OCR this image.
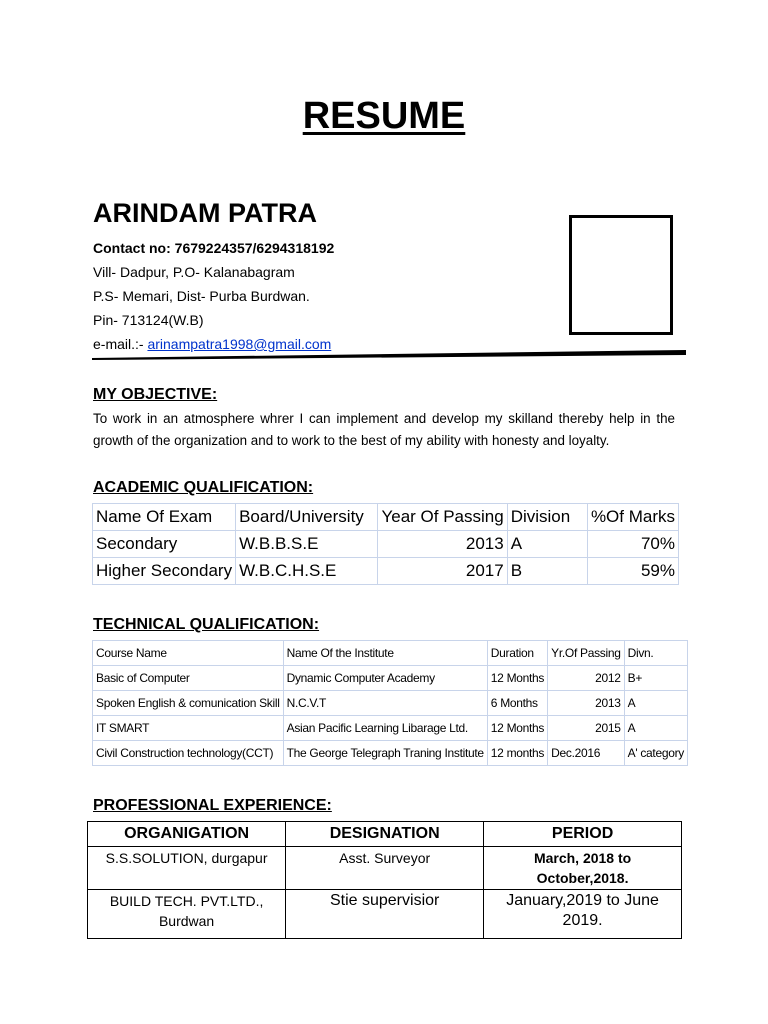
RESUME
ARINDAM PATRA
Contact no: 7679224357/6294318192
Vill- Dadpur, P.O- Kalanabagram
P.S- Memari, Dist- Purba Burdwan.
Pin- 713124(W.B)
e-mail.:- arinampatra1998@gmail.com
MY OBJECTIVE:
To work in an atmosphere whrer I can implement and develop my skilland thereby help in the growth of the organization and to work to the best of my ability with honesty and loyalty.
ACADEMIC QUALIFICATION:
Name Of Exam	Board/University	Year Of Passing	Division	%Of Marks
Secondary	W.B.B.S.E	2013	A	70%
Higher Secondary	W.B.C.H.S.E	2017	B	59%
TECHNICAL QUALIFICATION:
Course Name	Name Of the Institute	Duration	Yr.Of Passing	Divn.
Basic of Computer	Dynamic Computer Academy	12 Months	2012	B+
Spoken English & comunication Skill	N.C.V.T	6 Months	2013	A
IT SMART	Asian Pacific Learning Libarage Ltd.	12 Months	2015	A
Civil Construction technology(CCT)	The George Telegraph Traning Institute	12 months	Dec.2016	A' category
PROFESSIONAL EXPERIENCE:
ORGANIGATION	DESIGNATION	PERIOD
S.S.SOLUTION, durgapur	Asst. Surveyor	March, 2018 to October,2018.
BUILD TECH. PVT.LTD., Burdwan	Stie supervisior	January,2019 to June 2019.
